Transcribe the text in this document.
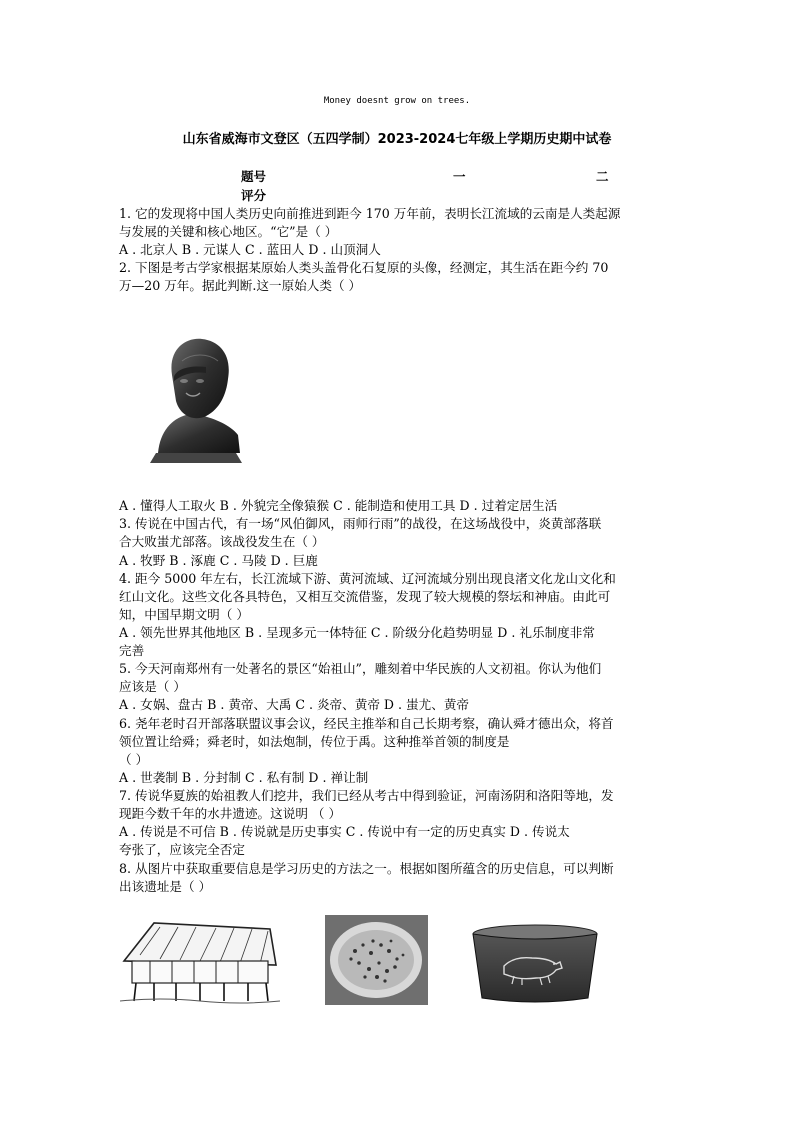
Money doesnt grow on trees.
山东省威海市文登区（五四学制）2023-2024七年级上学期历史期中试卷
题号	一	二
评分
1. 它的发现将中国人类历史向前推进到距今 170 万年前，表明长江流域的云南是人类起源
与发展的关键和核心地区。“它”是（ ）
A . 北京人 B . 元谋人 C . 蓝田人 D . 山顶洞人
2. 下图是考古学家根据某原始人类头盖骨化石复原的头像，经测定，其生活在距今约 70
万—20 万年。据此判断.这一原始人类（ ）
A . 懂得人工取火 B . 外貌完全像猿猴 C . 能制造和使用工具 D . 过着定居生活
3. 传说在中国古代，有一场“风伯御风，雨师行雨”的战役，在这场战役中，炎黄部落联
合大败蚩尤部落。该战役发生在（ ）
A . 牧野 B . 涿鹿 C . 马陵 D . 巨鹿
4. 距今 5000 年左右，长江流域下游、黄河流域、辽河流域分别出现良渚文化龙山文化和
红山文化。这些文化各具特色，又相互交流借鉴，发现了较大规模的祭坛和神庙。由此可
知，中国早期文明（ ）
A . 领先世界其他地区 B . 呈现多元一体特征 C . 阶级分化趋势明显 D . 礼乐制度非常
完善
5. 今天河南郑州有一处著名的景区“始祖山”，雕刻着中华民族的人文初祖。你认为他们
应该是（ ）
A . 女娲、盘古 B . 黄帝、大禹 C . 炎帝、黄帝 D . 蚩尤、黄帝
6. 尧年老时召开部落联盟议事会议，经民主推举和自己长期考察，确认舜才德出众，将首
领位置让给舜；舜老时，如法炮制，传位于禹。这种推举首领的制度是
（ ）
A . 世袭制 B . 分封制 C . 私有制 D . 禅让制
7. 传说华夏族的始祖教人们挖井，我们已经从考古中得到验证，河南汤阴和洛阳等地，发
现距今数千年的水井遗迹。这说明 （ ）
A . 传说是不可信 B . 传说就是历史事实 C . 传说中有一定的历史真实 D . 传说太
夸张了，应该完全否定
8. 从图片中获取重要信息是学习历史的方法之一。根据如图所蕴含的历史信息，可以判断
出该遗址是（ ）
